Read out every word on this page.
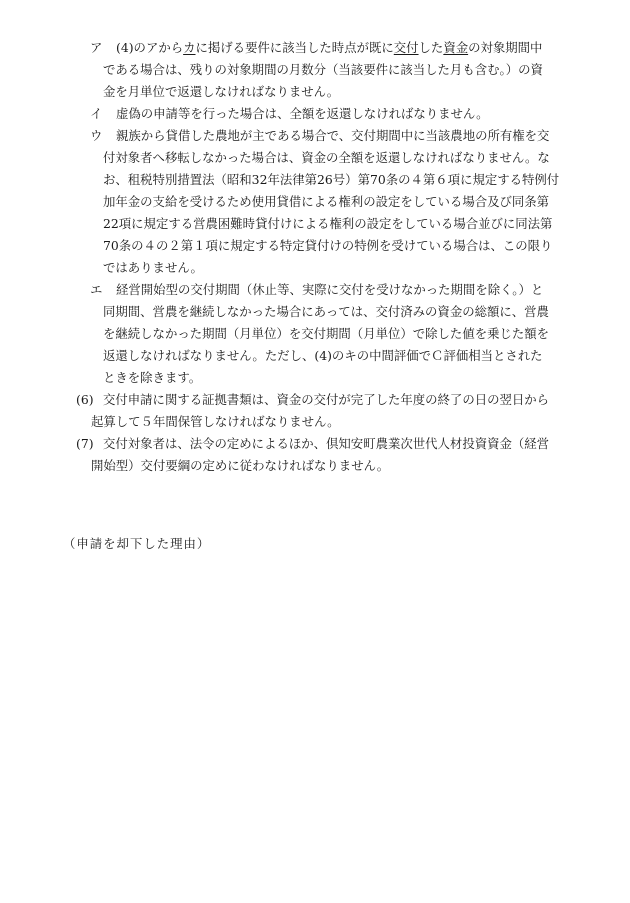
ア (4)のアからカに掲げる要件に該当した時点が既に交付した資金の対象期間中
である場合は、残りの対象期間の月数分（当該要件に該当した月も含む。）の資
金を月単位で返還しなければなりません。
イ 虚偽の申請等を行った場合は、全額を返還しなければなりません。
ウ 親族から貸借した農地が主である場合で、交付期間中に当該農地の所有権を交
付対象者へ移転しなかった場合は、資金の全額を返還しなければなりません。な
お、租税特別措置法（昭和32年法律第26号）第70条の４第６項に規定する特例付
加年金の支給を受けるため使用貸借による権利の設定をしている場合及び同条第
22項に規定する営農困難時貸付けによる権利の設定をしている場合並びに同法第
70条の４の２第１項に規定する特定貸付けの特例を受けている場合は、この限り
ではありません。
エ 経営開始型の交付期間（休止等、実際に交付を受けなかった期間を除く。）と
同期間、営農を継続しなかった場合にあっては、交付済みの資金の総額に、営農
を継続しなかった期間（月単位）を交付期間（月単位）で除した値を乗じた額を
返還しなければなりません。ただし、(4)のキの中間評価でＣ評価相当とされた
ときを除きます。
(6) 交付申請に関する証拠書類は、資金の交付が完了した年度の終了の日の翌日から
起算して５年間保管しなければなりません。
(7) 交付対象者は、法令の定めによるほか、倶知安町農業次世代人材投資資金（経営
開始型）交付要綱の定めに従わなければなりません。
（申請を却下した理由）
